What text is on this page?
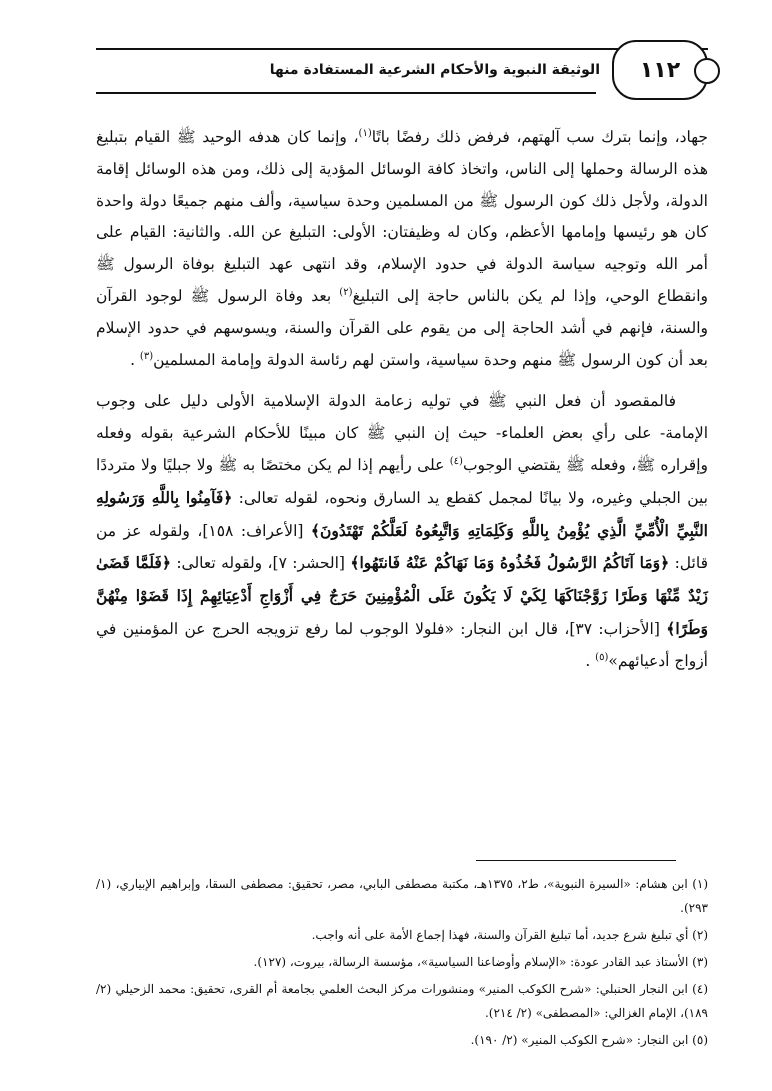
١١٢
الوثيقة النبوية والأحكام الشرعية المستفادة منها

جهاد، وإنما بترك سب آلهتهم، فرفض ذلك رفضًا باتًا$^{(١)}$، وإنما كان هدفه الوحيد ﷺ القيام بتبليغ هذه الرسالة وحملها إلى الناس، واتخاذ كافة الوسائل المؤدية إلى ذلك، ومن هذه الوسائل إقامة الدولة، ولأجل ذلك كون الرسول ﷺ من المسلمين وحدة سياسية، وألف منهم جميعًا دولة واحدة كان هو رئيسها وإمامها الأعظم، وكان له وظيفتان: الأولى: التبليغ عن الله. والثانية: القيام على أمر الله وتوجيه سياسة الدولة في حدود الإسلام، وقد انتهى عهد التبليغ بوفاة الرسول ﷺ وانقطاع الوحي، وإذا لم يكن بالناس حاجة إلى التبليغ$^{(٢)}$ بعد وفاة الرسول ﷺ لوجود القرآن والسنة، فإنهم في أشد الحاجة إلى من يقوم على القرآن والسنة، ويسوسهم في حدود الإسلام بعد أن كون الرسول ﷺ منهم وحدة سياسية، واستن لهم رئاسة الدولة وإمامة المسلمين$^{(٣)}$ .

فالمقصود أن فعل النبي ﷺ في توليه زعامة الدولة الإسلامية الأولى دليل على وجوب الإمامة- على رأي بعض العلماء- حيث إن النبي ﷺ كان مبينًا للأحكام الشرعية بقوله وفعله وإقراره ﷺ، وفعله ﷺ يقتضي الوجوب$^{(٤)}$ على رأيهم إذا لم يكن مختصًا به ﷺ ولا جبليًا ولا مترددًا بين الجبلي وغيره، ولا بيانًا لمجمل كقطع يد السارق ونحوه، لقوله تعالى: ﴿فَآمِنُوا بِاللَّهِ وَرَسُولِهِ النَّبِيِّ الْأُمِّيِّ الَّذِي يُؤْمِنُ بِاللَّهِ وَكَلِمَاتِهِ وَاتَّبِعُوهُ لَعَلَّكُمْ تَهْتَدُونَ﴾ [الأعراف: ١٥٨]، ولقوله عز من قائل: ﴿وَمَا آتَاكُمُ الرَّسُولُ فَخُذُوهُ وَمَا نَهَاكُمْ عَنْهُ فَانتَهُوا﴾ [الحشر: ٧]، ولقوله تعالى: ﴿فَلَمَّا قَضَىٰ زَيْدٌ مِّنْهَا وَطَرًا زَوَّجْنَاكَهَا لِكَيْ لَا يَكُونَ عَلَى الْمُؤْمِنِينَ حَرَجٌ فِي أَزْوَاجِ أَدْعِيَائِهِمْ إِذَا قَضَوْا مِنْهُنَّ وَطَرًا﴾ [الأحزاب: ٣٧]، قال ابن النجار: «فلولا الوجوب لما رفع تزويجه الحرج عن المؤمنين في أزواج أدعيائهم»$^{(٥)}$ .

(١) ابن هشام: «السيرة النبوية»، ط٢، ١٣٧٥هـ، مكتبة مصطفى البابي، مصر، تحقيق: مصطفى السقا، وإبراهيم الإبياري، (١/ ٢٩٣).

(٢) أي تبليغ شرع جديد، أما تبليغ القرآن والسنة، فهذا إجماع الأمة على أنه واجب.

(٣) الأستاذ عبد القادر عودة: «الإسلام وأوضاعنا السياسية»، مؤسسة الرسالة، بيروت، (١٢٧).

(٤) ابن النجار الحنبلي: «شرح الكوكب المنير» ومنشورات مركز البحث العلمي بجامعة أم القرى، تحقيق: محمد الزحيلي (٢/ ١٨٩)، الإمام الغزالي: «المصطفى» (٢/ ٢١٤).

(٥) ابن النجار: «شرح الكوكب المنير» (٢/ ١٩٠).
